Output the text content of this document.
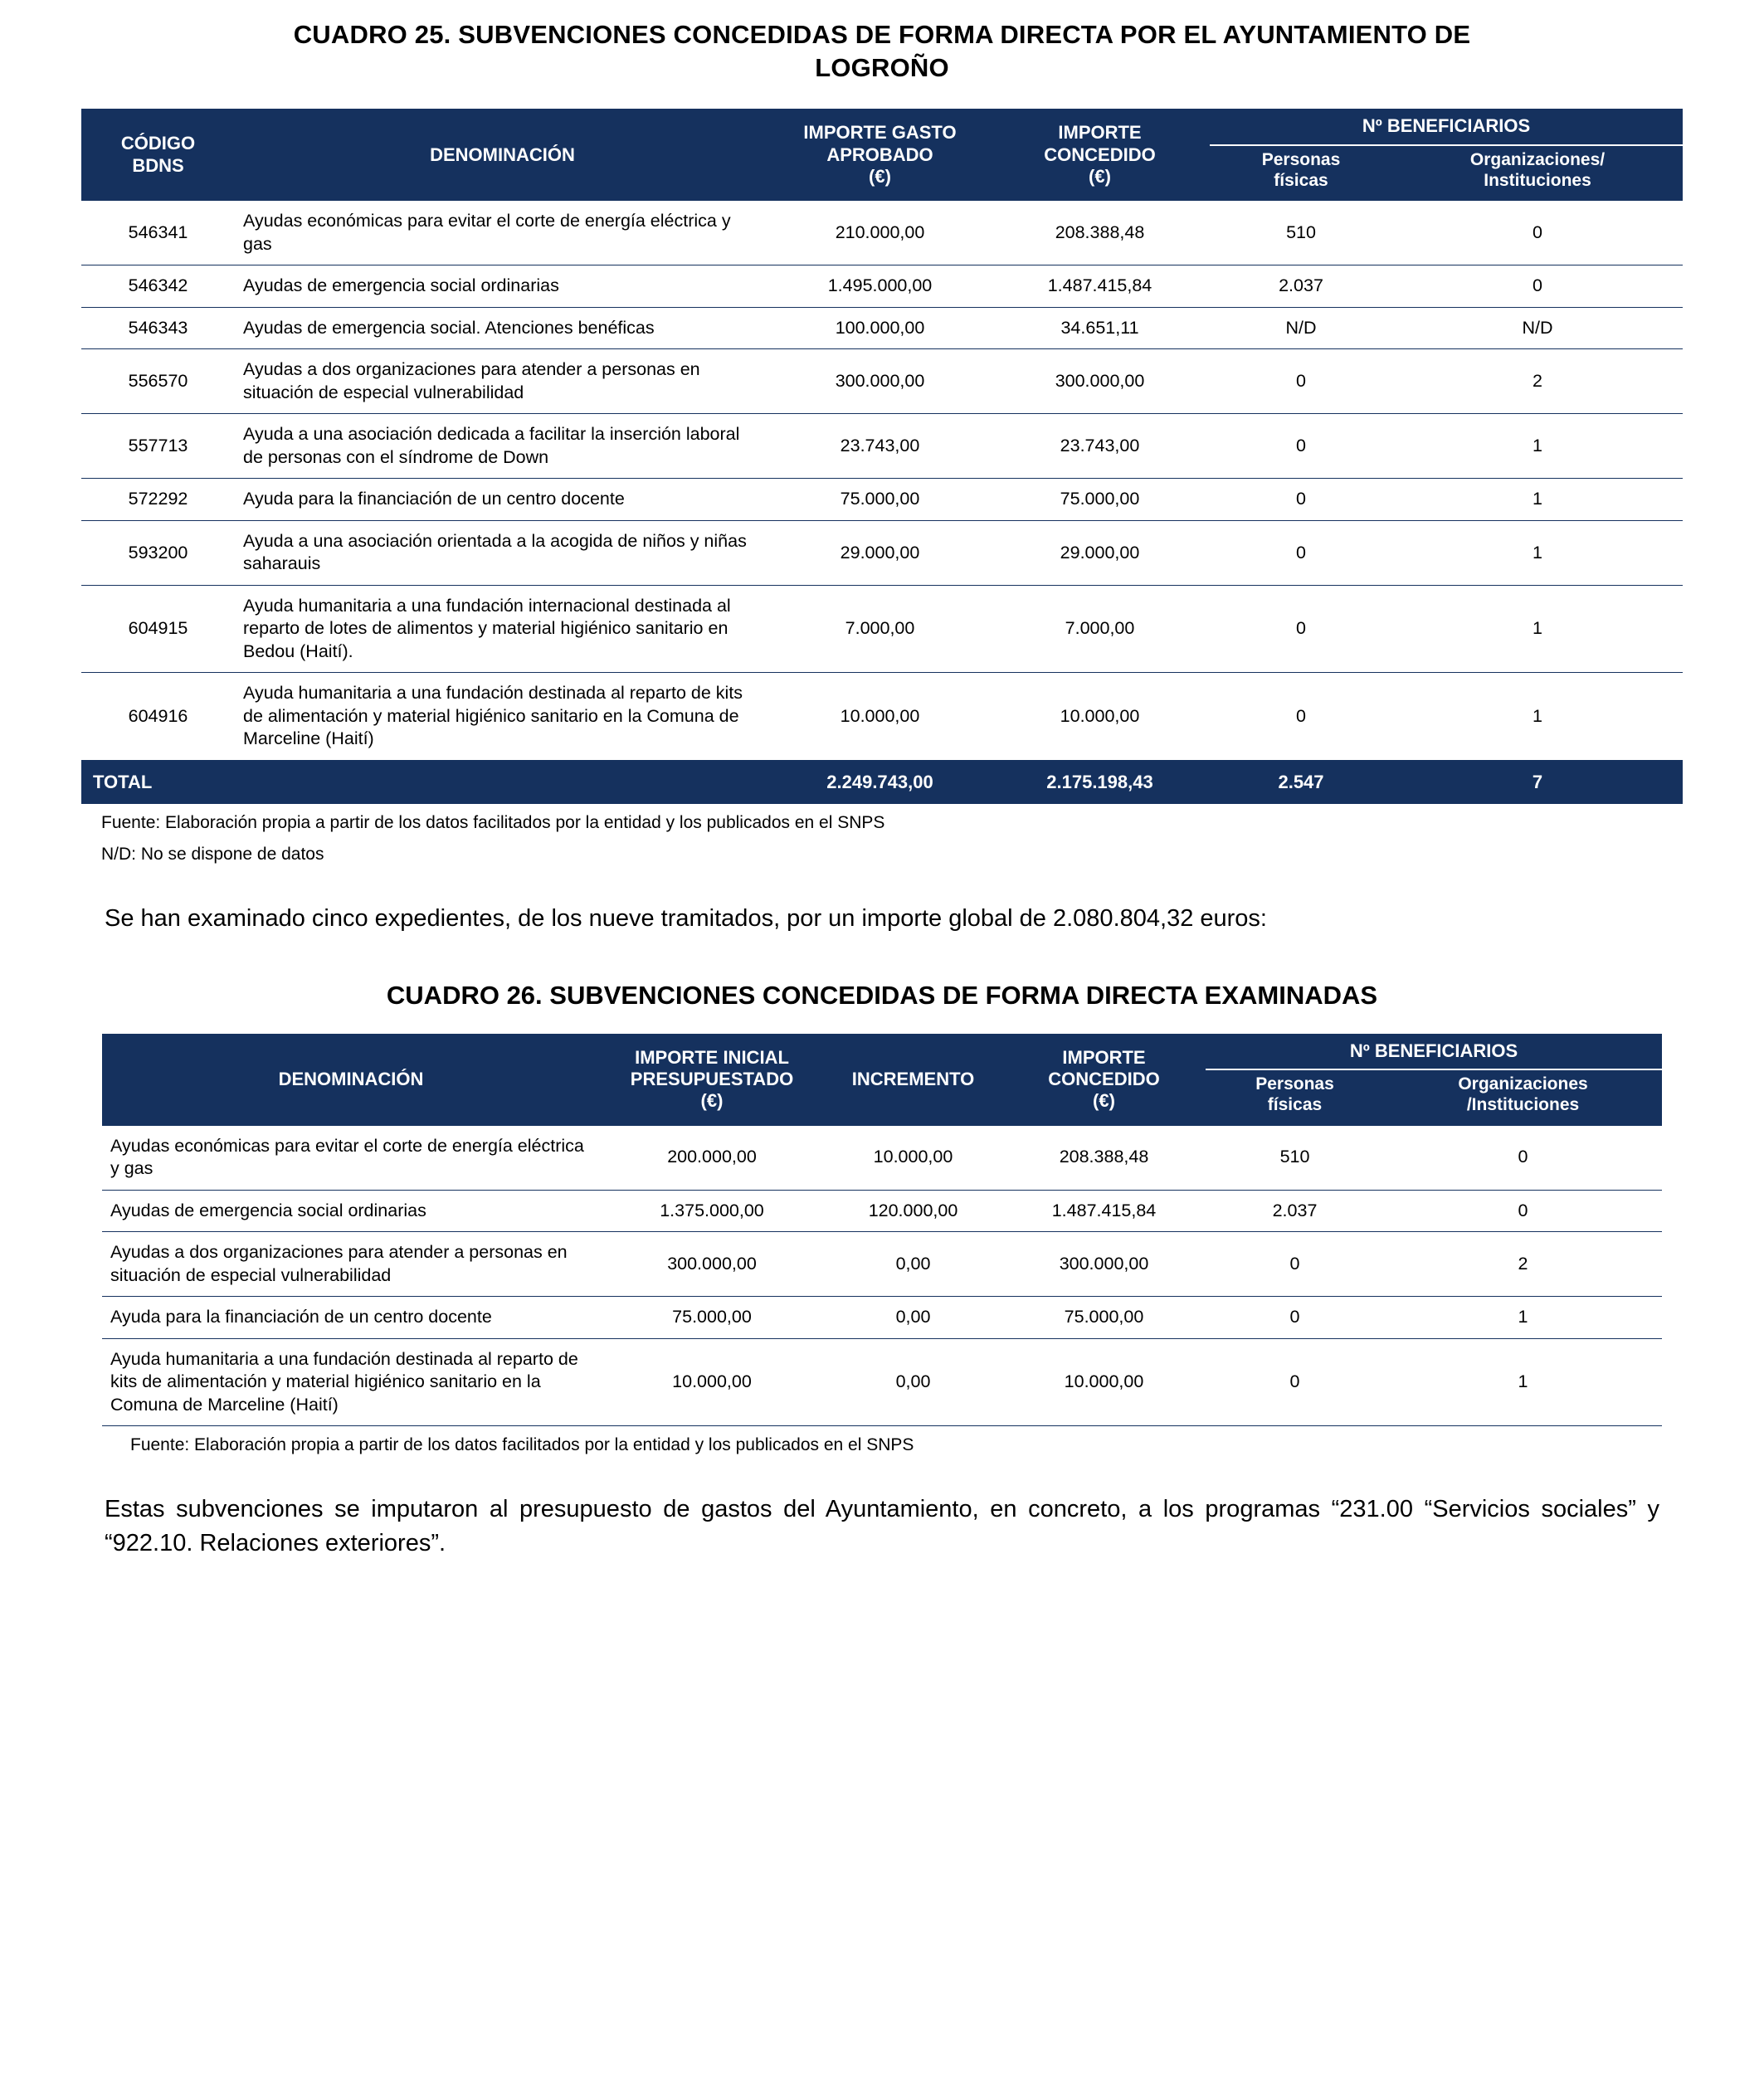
CUADRO 25. SUBVENCIONES CONCEDIDAS DE FORMA DIRECTA POR EL AYUNTAMIENTO DE LOGROÑO
CÓDIGO
BDNS
	DENOMINACIÓN	
IMPORTE GASTO
APROBADO
(€)

IMPORTE
CONCEDIDO
(€)
	Nº BENEFICIARIOS

Personas
físicas

Organizaciones/
Instituciones

546341	Ayudas económicas para evitar el corte de energía eléctrica y gas	210.000,00	208.388,48	510	0
546342	Ayudas de emergencia social ordinarias	1.495.000,00	1.487.415,84	2.037	0
546343	Ayudas de emergencia social. Atenciones benéficas	100.000,00	34.651,11	N/D	N/D
556570	Ayudas a dos organizaciones para atender a personas en situación de especial vulnerabilidad	300.000,00	300.000,00	0	2
557713	Ayuda a una asociación dedicada a facilitar la inserción laboral de personas con el síndrome de Down	23.743,00	23.743,00	0	1
572292	Ayuda para la financiación de un centro docente	75.000,00	75.000,00	0	1
593200	Ayuda a una asociación orientada a la acogida de niños y niñas saharauis	29.000,00	29.000,00	0	1
604915	Ayuda humanitaria a una fundación internacional destinada al reparto de lotes de alimentos y material higiénico sanitario en Bedou (Haití).	7.000,00	7.000,00	0	1
604916	Ayuda humanitaria a una fundación destinada al reparto de kits de alimentación y material higiénico sanitario en la Comuna de Marceline (Haití)	10.000,00	10.000,00	0	1
TOTAL		2.249.743,00	2.175.198,43	2.547	7
Fuente: Elaboración propia a partir de los datos facilitados por la entidad y los publicados en el SNPS
N/D: No se dispone de datos
Se han examinado cinco expedientes, de los nueve tramitados, por un importe global de 2.080.804,32 euros:
CUADRO 26. SUBVENCIONES CONCEDIDAS DE FORMA DIRECTA EXAMINADAS
DENOMINACIÓN	
IMPORTE INICIAL
PRESUPUESTADO
(€)
	INCREMENTO	
IMPORTE
CONCEDIDO
(€)
	Nº BENEFICIARIOS

Personas
físicas

Organizaciones
/Instituciones

Ayudas económicas para evitar el corte de energía eléctrica y gas	200.000,00	10.000,00	208.388,48	510	0
Ayudas de emergencia social ordinarias	1.375.000,00	120.000,00	1.487.415,84	2.037	0
Ayudas a dos organizaciones para atender a personas en situación de especial vulnerabilidad	300.000,00	0,00	300.000,00	0	2
Ayuda para la financiación de un centro docente	75.000,00	0,00	75.000,00	0	1
Ayuda humanitaria a una fundación destinada al reparto de kits de alimentación y material higiénico sanitario en la Comuna de Marceline (Haití)	10.000,00	0,00	10.000,00	0	1
Fuente: Elaboración propia a partir de los datos facilitados por la entidad y los publicados en el SNPS
Estas subvenciones se imputaron al presupuesto de gastos del Ayuntamiento, en concreto, a los programas “231.00 “Servicios sociales” y “922.10. Relaciones exteriores”.
